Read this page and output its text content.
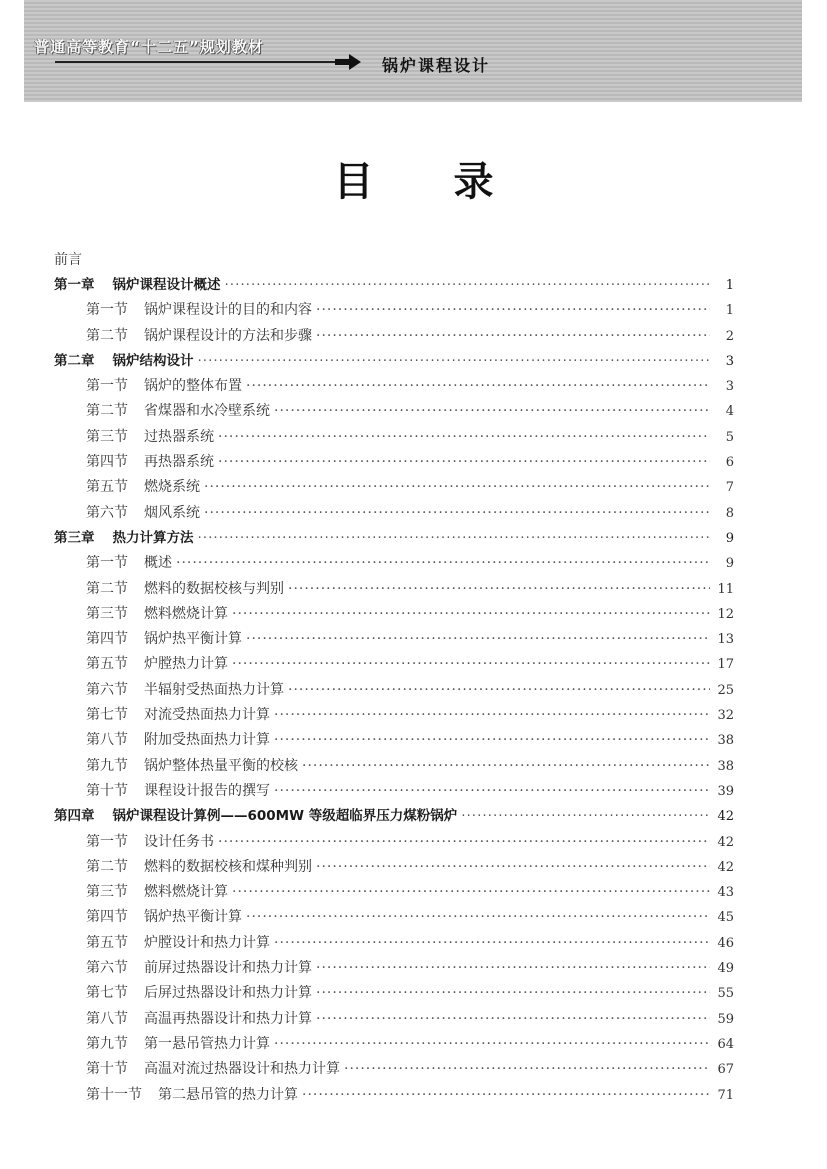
普通高等教育“十二五”规划教材
锅炉课程设计
目录
前言
第一章 锅炉课程设计概述 ·····	1
第一节 锅炉课程设计的目的和内容 ·····	1
第二节 锅炉课程设计的方法和步骤 ·····	2
第二章 锅炉结构设计 ·····	3
第一节 锅炉的整体布置 ·····	3
第二节 省煤器和水冷壁系统 ·····	4
第三节 过热器系统 ·····	5
第四节 再热器系统 ·····	6
第五节 燃烧系统 ·····	7
第六节 烟风系统 ·····	8
第三章 热力计算方法 ·····	9
第一节 概述 ·····	9
第二节 燃料的数据校核与判别 ·····	11
第三节 燃料燃烧计算 ·····	12
第四节 锅炉热平衡计算 ·····	13
第五节 炉膛热力计算 ·····	17
第六节 半辐射受热面热力计算 ·····	25
第七节 对流受热面热力计算 ·····	32
第八节 附加受热面热力计算 ·····	38
第九节 锅炉整体热量平衡的校核 ·····	38
第十节 课程设计报告的撰写 ·····	39
第四章 锅炉课程设计算例——600MW 等级超临界压力煤粉锅炉 ·····	42
第一节 设计任务书 ·····	42
第二节 燃料的数据校核和煤种判别 ·····	42
第三节 燃料燃烧计算 ·····	43
第四节 锅炉热平衡计算 ·····	45
第五节 炉膛设计和热力计算 ·····	46
第六节 前屏过热器设计和热力计算 ·····	49
第七节 后屏过热器设计和热力计算 ·····	55
第八节 高温再热器设计和热力计算 ·····	59
第九节 第一悬吊管热力计算 ·····	64
第十节 高温对流过热器设计和热力计算 ·····	67
第十一节 第二悬吊管的热力计算 ·····	71
